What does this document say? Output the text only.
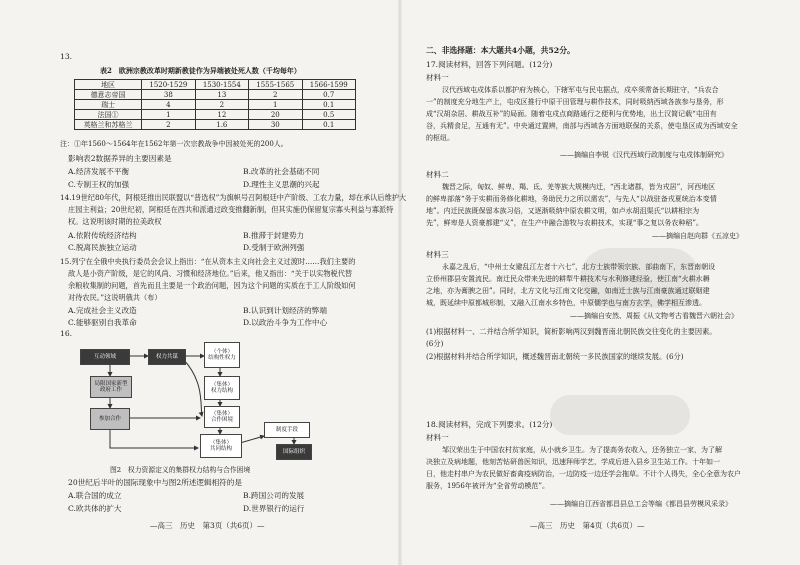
13.
表2　欧洲宗教改革时期新教徒作为异端被处死人数（千均每年）
地区	1520-1529	1530-1554	1555-1565	1566-1599
德意志帝国	38	13	2	0.7
瑞士	4	2	1	0.1
法国①	1	12	20	0.5
英格兰和苏格兰	2	1.6	30	0.1
注：①年1560～1564年在1562年第一次宗教战争中因被处死的200人。
影响表2数据养异的主要因素是
A.经济发展不平衡	B.改革的社会基础不同
C.专制王权的加强	D.理性主义思潮的兴起
14.19世纪80年代，阿根廷推出民联盟以“普选权”为旗帜号召阿根廷中产阶级、工农力量，却在承认后维护大
庄园主利益；20世纪初，阿根廷在西共和派通过政变推翻新制，但其实施仍保留复宗寡头利益与寡派特
权。这说明该时期的拉美政权
A.依附传统经济结构	B.推滞于封建势力
C.脱离民族独立运动	D.受制于欧洲列强
15.列宁在全俄中央执行委员会会议上指出：“在从资本主义向社会主义过渡时……我们主要的
敌人是小资产阶级，是它的风尚、习惯和经济地位。”后来，他又指出：“关于以实物税代替
余粮收集制的问题，首先而且主要是一个政治问题，因为这个问题的实质在于工人阶级如何
对待农民。”这说明俄共（布）
A.完成社会主义改造	B.认识到计划经济的弊端
C.能够驱别自我革命	D.以政治斗争为工作中心
16.
互动领域	权力共谋
（个体）
结构性权力
局限国家新型
政府工作
（集体）
权力结构
（集体）
合作困境
参加合作
（集体）
共同结构
制度手段
国际组织
图2　权力资源定义的集群权力结构与合作困境
20世纪后半叶的国际现象中与图2所述逻辑相符的是
A.联合国的成立	B.跨国公司的发展
C.欧共体的扩大	D.世界银行的运行
—高三　历史　第3页（共6页）—
二、非选择题：本大题共4小题，共52分。
17.阅读材料，回答下列问题。(12分)
材料一
汉代西域屯戍体系以都护府为核心，下辖军屯与民屯据点，戍卒须常备长期驻守，“兵农合
一”的制度充分地生产上，屯戍区推行中原干田管理与耕作技术，同时吸纳西域各族参与垦务，形
成“汉胡杂居、耕战互补”的局面。随着屯戍点商路通行之便利与优势地，出土汉简记载“屯田有
谷，兵精食足，互通有无”。中央通过置辨，南部与西域各方面地联保的关系，使屯垦区成为西域安全
的枢纽。
——摘编自李锐《汉代西域行政制度与屯戍体制研究》
材料二
魏晋之际，匈奴、鲜卑、羯、氐、羌等族大规模内迁，“西北诸郡，皆为戎居”，河西地区
的鲜卑部落“务于实耕而务修化耕地，务助民力之所以需农”，与先人“以战驻备戎夏统治本变情
地”。内迁民族既保留本族习俗，又逐渐吸纳中原农耕文明，如卢水胡沮渠氏“以耕相宗为
先”，鲜卑是人资豪都建“义”，在生产中融合游牧与农耕技术，实现“事之复以务农种稻”。
——摘编自赵向群《五凉史》
材料三
永嘉之乱后，“中州士女避乱江左者十六七”，北方士族带领宗族、部曲南下，东晋南朝设
立侨州郡县安置流民。南迁民众带来先进的耕犁牛耕技术与水利修建经验，使江南“火耕水耨
之地，亦为膏腴之田”。同时，北方文化与江南文化交融，如南迁士族与江南豪族通过联姻建
城，既延续中原都城形制，又融入江南水乡特色，中原儒学也与南方玄学，佛学相互渗透。
——摘编自安然、周振《从文物考古看魏晋六朝社会》
(1)根据材料一、二并结合所学知识，简析影响两汉到魏晋南北朝民族交往变化的主要因素。
(6分)
(2)根据材料并结合所学知识，概述魏晋南北朝统一多民族国家的继续发展。(6分)
18.阅读材料，完成下列要求。(12分)
材料一
邹汉荣出生于中国农村贫家庭，从小就乡卫生。为了提高务农收入，还务独立一家，为了解
决独立及病地题，他刻苦钻研兽医知识，迅速拜师学艺，学成后进入县乡卫生站工作。十年如一
日，他走村串户为农民做好畜禽疫病防治，一边防疫一边还学会拖草。不计个人得失，全心全意为农户
服务，1956年被评为“全省劳动模范”。
——摘编自江西省都昌县总工会等编《都昌县劳模风采录》
—高三　历史　第4页（共6页）—
